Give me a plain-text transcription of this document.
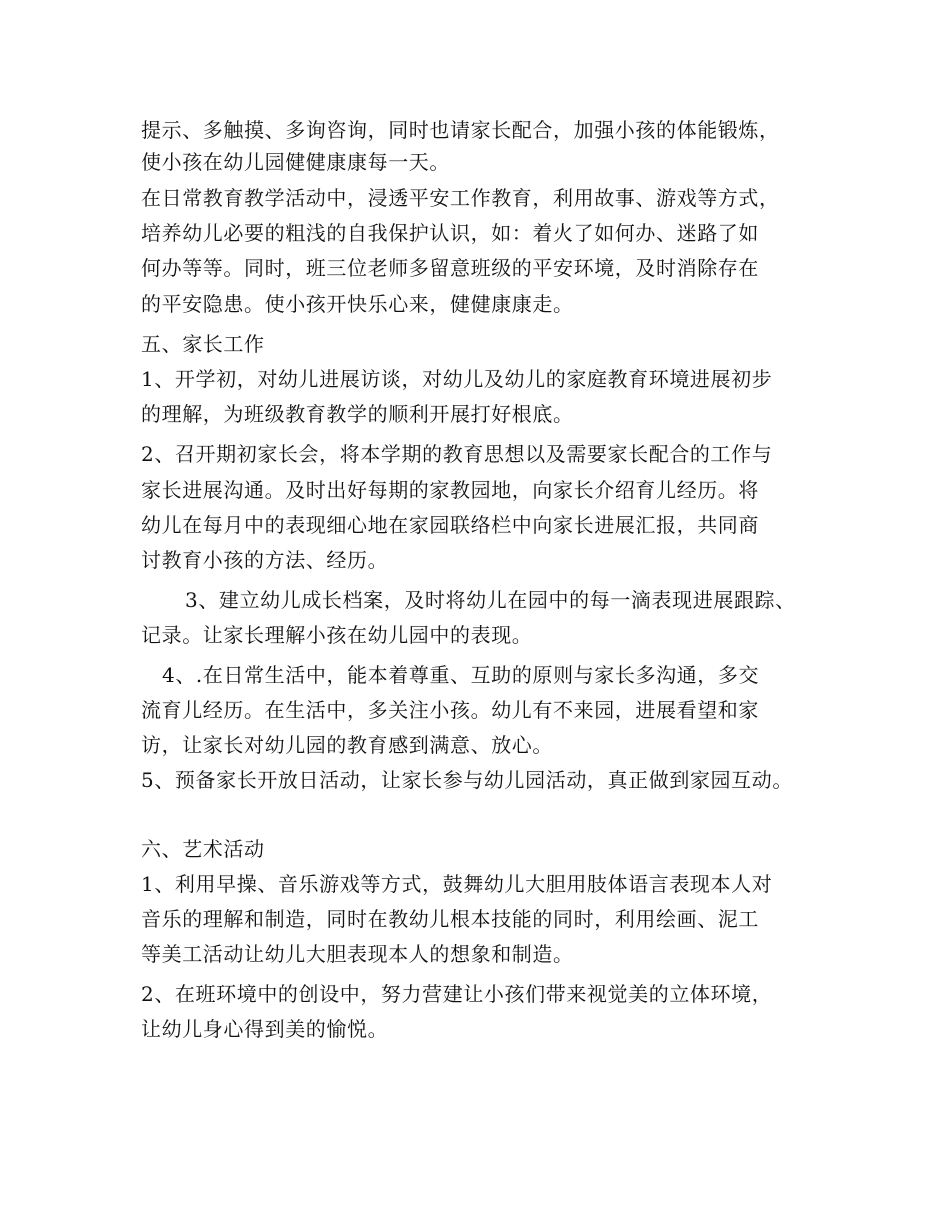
提示、多触摸、多询咨询，同时也请家长配合，加强小孩的体能锻炼，
使小孩在幼儿园健健康康每一天。
在日常教育教学活动中，浸透平安工作教育，利用故事、游戏等方式，
培养幼儿必要的粗浅的自我保护认识，如：着火了如何办、迷路了如
何办等等。同时，班三位老师多留意班级的平安环境，及时消除存在
的平安隐患。使小孩开快乐心来，健健康康走。
五、家长工作
1、开学初，对幼儿进展访谈，对幼儿及幼儿的家庭教育环境进展初步
的理解，为班级教育教学的顺利开展打好根底。
2、召开期初家长会，将本学期的教育思想以及需要家长配合的工作与
家长进展沟通。及时出好每期的家教园地，向家长介绍育儿经历。将
幼儿在每月中的表现细心地在家园联络栏中向家长进展汇报，共同商
讨教育小孩的方法、经历。
3、建立幼儿成长档案，及时将幼儿在园中的每一滴表现进展跟踪、
记录。让家长理解小孩在幼儿园中的表现。
4、.在日常生活中，能本着尊重、互助的原则与家长多沟通，多交
流育儿经历。在生活中，多关注小孩。幼儿有不来园，进展看望和家
访，让家长对幼儿园的教育感到满意、放心。
5、预备家长开放日活动，让家长参与幼儿园活动，真正做到家园互动。
六、艺术活动
1、利用早操、音乐游戏等方式，鼓舞幼儿大胆用肢体语言表现本人对
音乐的理解和制造，同时在教幼儿根本技能的同时，利用绘画、泥工
等美工活动让幼儿大胆表现本人的想象和制造。
2、在班环境中的创设中，努力营建让小孩们带来视觉美的立体环境，
让幼儿身心得到美的愉悦。
